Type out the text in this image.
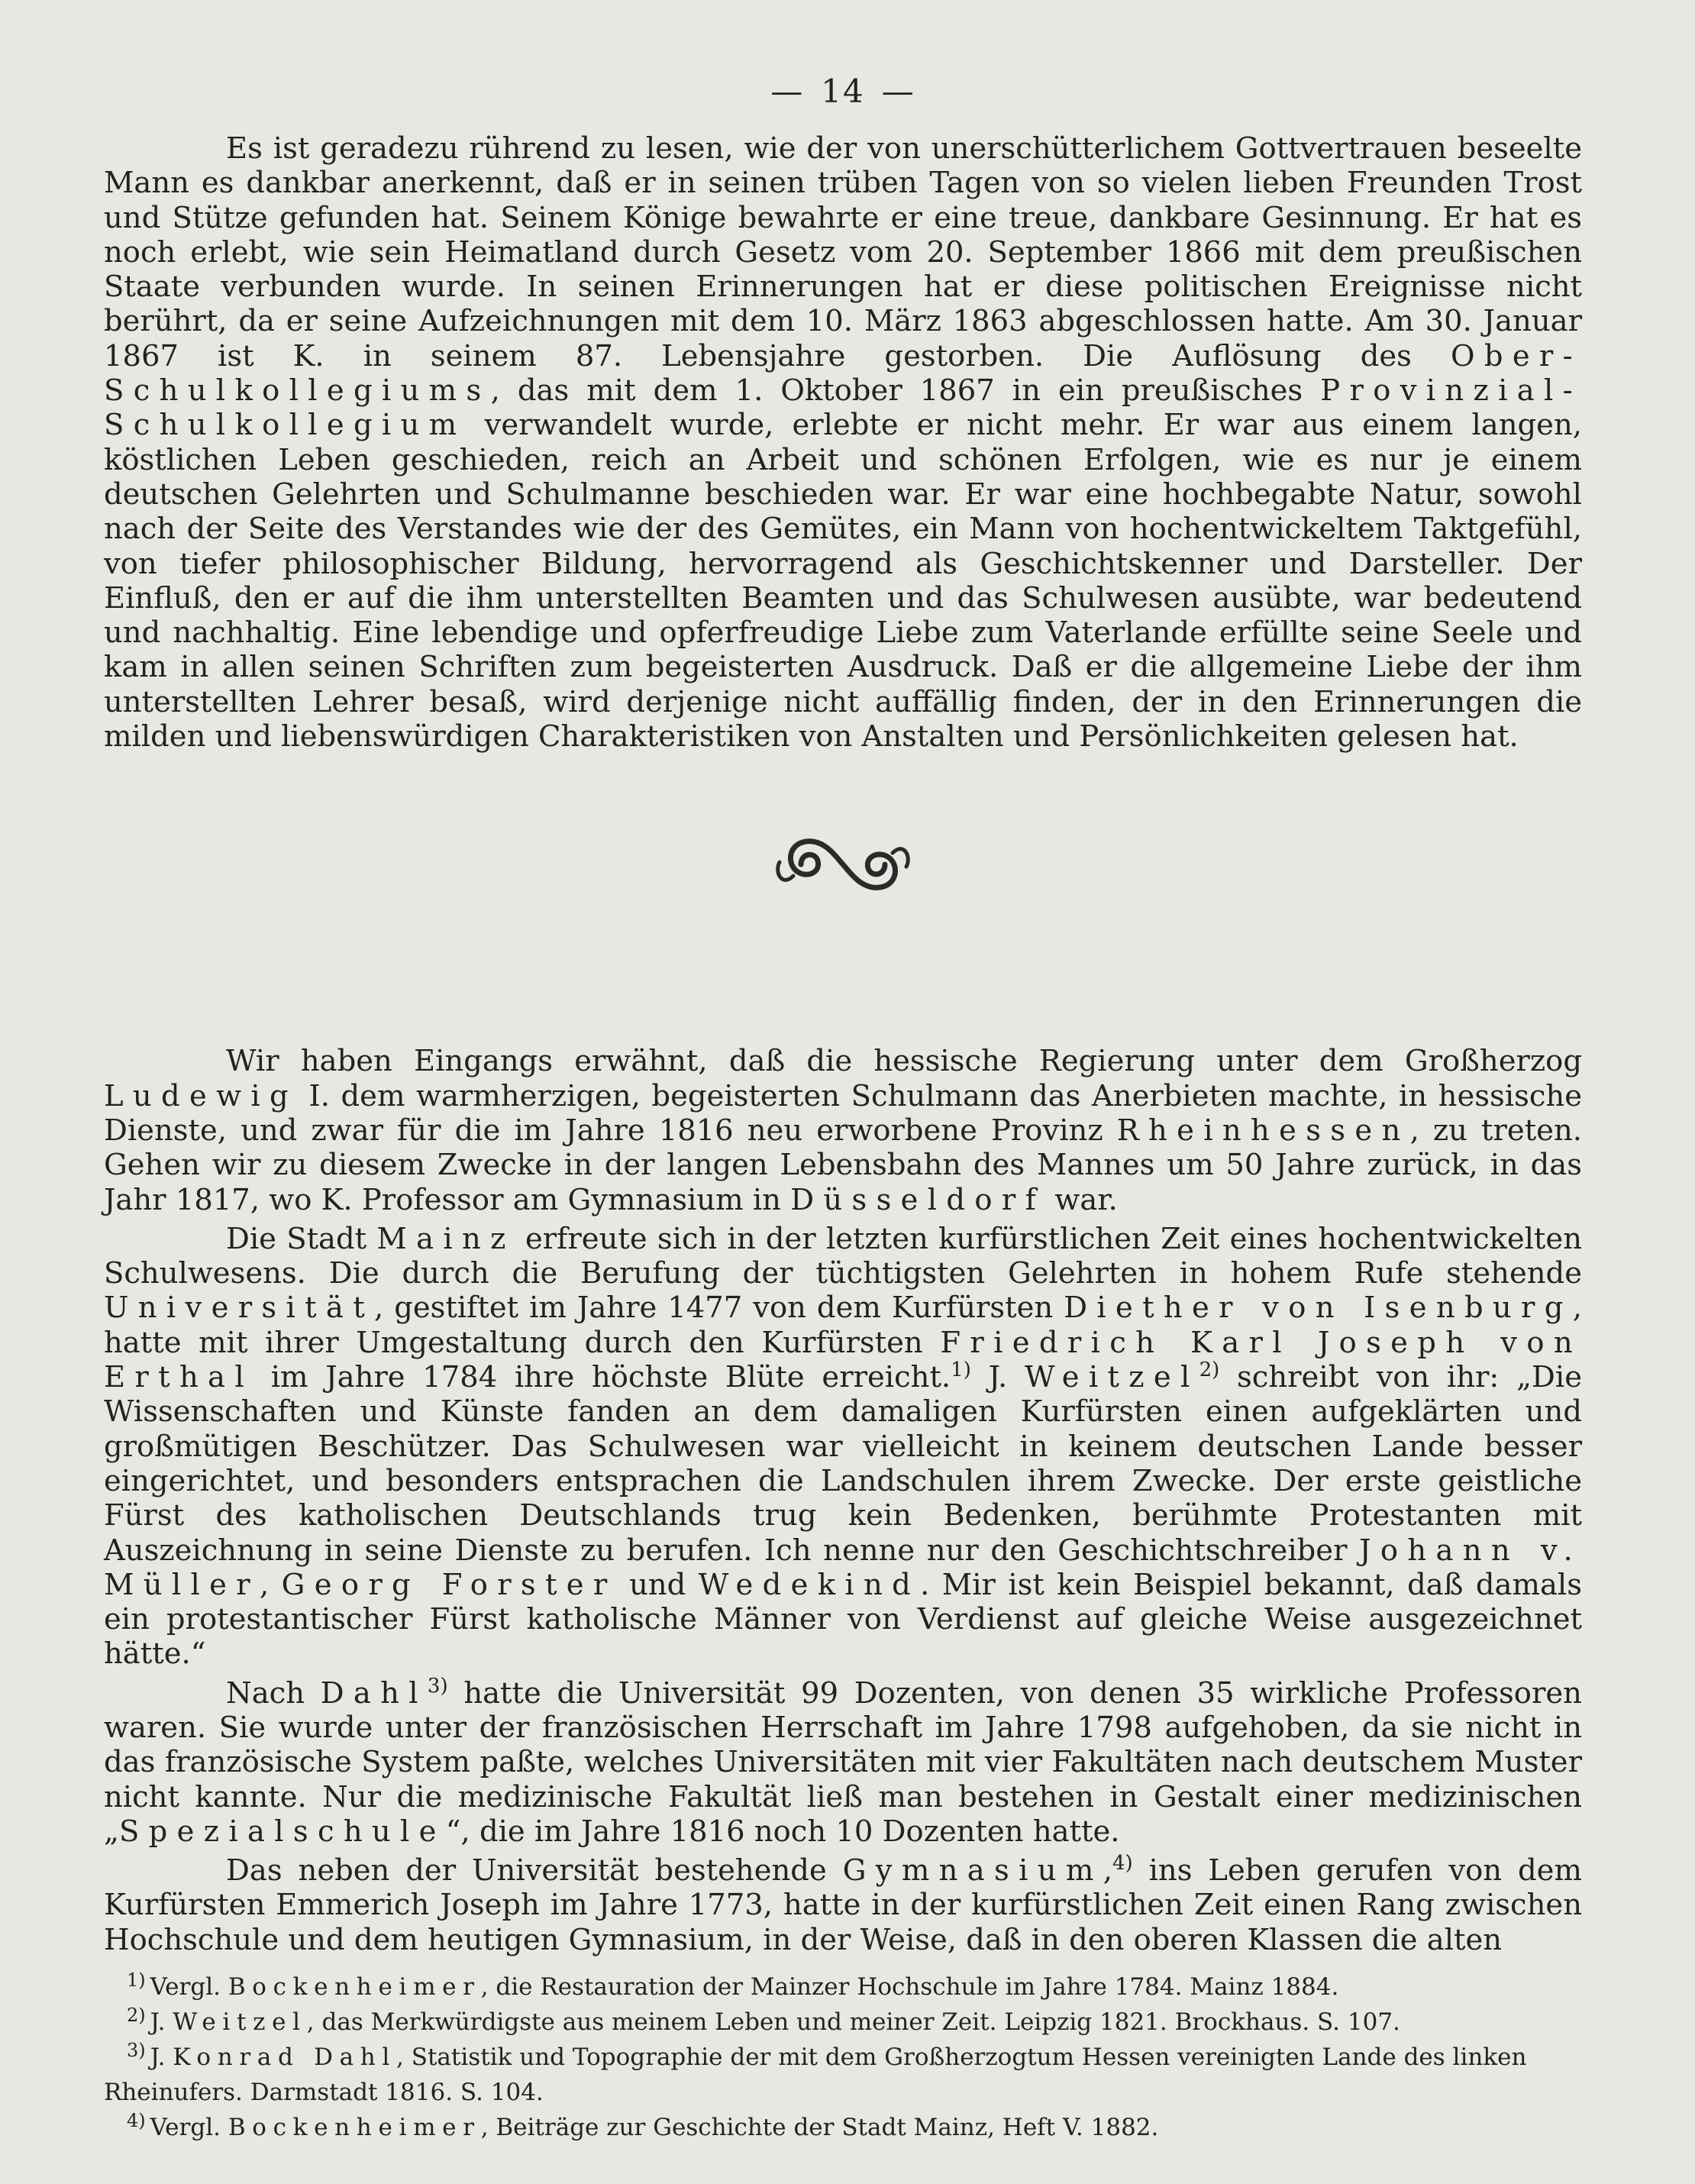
— 14 —

Es ist geradezu rührend zu lesen, wie der von unerschütterlichem Gottvertrauen beseelte Mann es dankbar anerkennt, daß er in seinen trüben Tagen von so vielen lieben Freunden Trost und Stütze gefunden hat. Seinem Könige bewahrte er eine treue, dankbare Gesinnung. Er hat es noch erlebt, wie sein Heimatland durch Gesetz vom 20. September 1866 mit dem preußischen Staate verbunden wurde. In seinen Erinnerungen hat er diese politischen Ereignisse nicht berührt, da er seine Aufzeichnungen mit dem 10. März 1863 abgeschlossen hatte. Am 30. Januar 1867 ist K. in seinem 87. Lebensjahre gestorben. Die Auflösung des Ober-Schulkollegiums, das mit dem 1. Oktober 1867 in ein preußisches Provinzial-Schulkollegium verwandelt wurde, erlebte er nicht mehr. Er war aus einem langen, köstlichen Leben geschieden, reich an Arbeit und schönen Erfolgen, wie es nur je einem deutschen Gelehrten und Schulmanne beschieden war. Er war eine hochbegabte Natur, sowohl nach der Seite des Verstandes wie der des Gemütes, ein Mann von hochentwickeltem Taktgefühl, von tiefer philosophischer Bildung, hervorragend als Geschichtskenner und Darsteller. Der Einfluß, den er auf die ihm unterstellten Beamten und das Schulwesen ausübte, war bedeutend und nachhaltig. Eine lebendige und opferfreudige Liebe zum Vaterlande erfüllte seine Seele und kam in allen seinen Schriften zum begeisterten Ausdruck. Daß er die allgemeine Liebe der ihm unterstellten Lehrer besaß, wird derjenige nicht auffällig finden, der in den Erinnerungen die milden und liebenswürdigen Charakteristiken von Anstalten und Persönlichkeiten gelesen hat.

Wir haben Eingangs erwähnt, daß die hessische Regierung unter dem Großherzog Ludewig I. dem warmherzigen, begeisterten Schulmann das Anerbieten machte, in hessische Dienste, und zwar für die im Jahre 1816 neu erworbene Provinz Rheinhessen, zu treten. Gehen wir zu diesem Zwecke in der langen Lebensbahn des Mannes um 50 Jahre zurück, in das Jahr 1817, wo K. Professor am Gymnasium in Düsseldorf war.

Die Stadt Mainz erfreute sich in der letzten kurfürstlichen Zeit eines hochentwickelten Schulwesens. Die durch die Berufung der tüchtigsten Gelehrten in hohem Rufe stehende Universität, gestiftet im Jahre 1477 von dem Kurfürsten Diether von Isenburg, hatte mit ihrer Umgestaltung durch den Kurfürsten Friedrich Karl Joseph von Erthal im Jahre 1784 ihre höchste Blüte erreicht.$^{1)}$ J. Weitzel$^{2)}$ schreibt von ihr: „Die Wissenschaften und Künste fanden an dem damaligen Kurfürsten einen aufgeklärten und großmütigen Beschützer. Das Schulwesen war vielleicht in keinem deutschen Lande besser eingerichtet, und besonders entsprachen die Landschulen ihrem Zwecke. Der erste geistliche Fürst des katholischen Deutschlands trug kein Bedenken, berühmte Protestanten mit Auszeichnung in seine Dienste zu berufen. Ich nenne nur den Geschichtschreiber Johann v. Müller, Georg Forster und Wedekind. Mir ist kein Beispiel bekannt, daß damals ein protestantischer Fürst katholische Männer von Verdienst auf gleiche Weise ausgezeichnet hätte.“

Nach Dahl$^{3)}$ hatte die Universität 99 Dozenten, von denen 35 wirkliche Professoren waren. Sie wurde unter der französischen Herrschaft im Jahre 1798 aufgehoben, da sie nicht in das französische System paßte, welches Universitäten mit vier Fakultäten nach deutschem Muster nicht kannte. Nur die medizinische Fakultät ließ man bestehen in Gestalt einer medizinischen „Spezialschule“, die im Jahre 1816 noch 10 Dozenten hatte.

Das neben der Universität bestehende Gymnasium,$^{4)}$ ins Leben gerufen von dem Kurfürsten Emmerich Joseph im Jahre 1773, hatte in der kurfürstlichen Zeit einen Rang zwischen Hochschule und dem heutigen Gymnasium, in der Weise, daß in den oberen Klassen die alten

$^{1)}$ Vergl. Bockenheimer, die Restauration der Mainzer Hochschule im Jahre 1784. Mainz 1884.
$^{2)}$ J. Weitzel, das Merkwürdigste aus meinem Leben und meiner Zeit. Leipzig 1821. Brockhaus. S. 107.
$^{3)}$ J. Konrad Dahl, Statistik und Topographie der mit dem Großherzogtum Hessen vereinigten Lande des linken Rheinufers. Darmstadt 1816. S. 104.
$^{4)}$ Vergl. Bockenheimer, Beiträge zur Geschichte der Stadt Mainz, Heft V. 1882.
